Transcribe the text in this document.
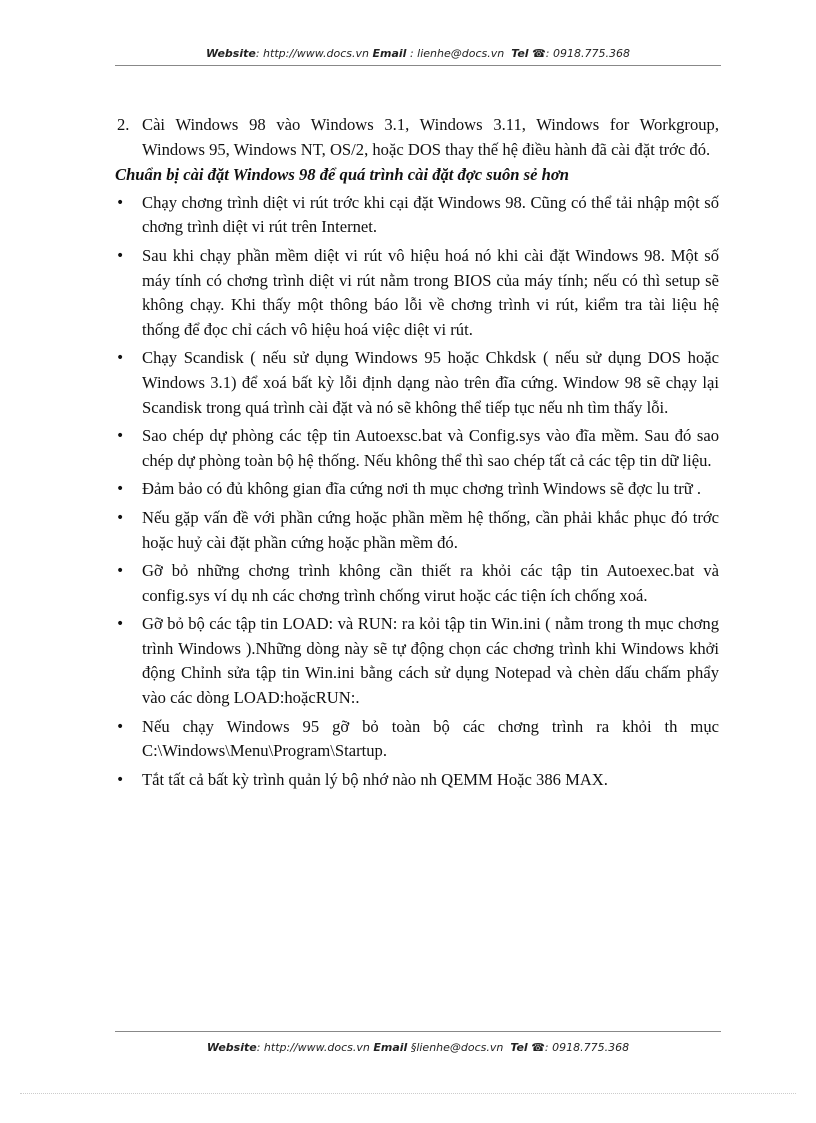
Website: http://www.docs.vn Email : lienhe@docs.vn Tel ☎: 0918.775.368
2. Cài Windows 98 vào Windows 3.1, Windows 3.11, Windows for Workgroup, Windows 95, Windows NT, OS/2, hoặc DOS thay thế hệ điều hành đã cài đặt trớc đó.
Chuẩn bị cài đặt Windows 98 để quá trình cài đặt đợc suôn sẻ hơn
• Chạy chơng trình diệt vi rút trớc khi cại đặt Windows 98. Cũng có thể tải nhập một số chơng trình diệt vi rút trên Internet.
• Sau khi chạy phần mềm diệt vi rút vô hiệu hoá nó khi cài đặt Windows 98. Một số máy tính có chơng trình diệt vi rút nằm trong BIOS của máy tính; nếu có thì setup sẽ không chạy. Khi thấy một thông báo lỗi về chơng trình vi rút, kiểm tra tài liệu hệ thống để đọc chỉ cách vô hiệu hoá việc diệt vi rút.
• Chạy Scandisk ( nếu sử dụng Windows 95 hoặc Chkdsk ( nếu sử dụng DOS hoặc Windows 3.1) để xoá bất kỳ lỗi định dạng nào trên đĩa cứng. Window 98 sẽ chạy lại Scandisk trong quá trình cài đặt và nó sẽ không thể tiếp tục nếu nh tìm thấy lỗi.
• Sao chép dự phòng các tệp tin Autoexsc.bat và Config.sys vào đĩa mềm. Sau đó sao chép dự phòng toàn bộ hệ thống. Nếu không thể thì sao chép tất cả các tệp tin dữ liệu.
• Đảm bảo có đủ không gian đĩa cứng nơi th mục chơng trình Windows sẽ đợc lu trữ .
• Nếu gặp vấn đề với phần cứng hoặc phần mềm hệ thống, cần phải khắc phục đó trớc hoặc huỷ cài đặt phần cứng hoặc phần mềm đó.
• Gỡ bỏ những chơng trình không cần thiết ra khỏi các tập tin Autoexec.bat và config.sys ví dụ nh các chơng trình chống virut hoặc các tiện ích chống xoá.
• Gỡ bỏ bộ các tập tin LOAD: và RUN: ra kỏi tập tin Win.ini ( nằm trong th mục chơng trình Windows ).Những dòng này sẽ tự động chọn các chơng trình khi Windows khởi động Chỉnh sửa tập tin Win.ini bằng cách sử dụng Notepad và chèn dấu chấm phẩy vào các dòng LOAD:hoặcRUN:.
• Nếu chạy Windows 95 gỡ bỏ toàn bộ các chơng trình ra khỏi th mục C:\Windows\Menu\Program\Startup.
• Tắt tất cả bất kỳ trình quản lý bộ nhớ nào nh QEMM Hoặc 386 MAX.
Website: http://www.docs.vn Email §lienhe@docs.vn Tel ☎: 0918.775.368
